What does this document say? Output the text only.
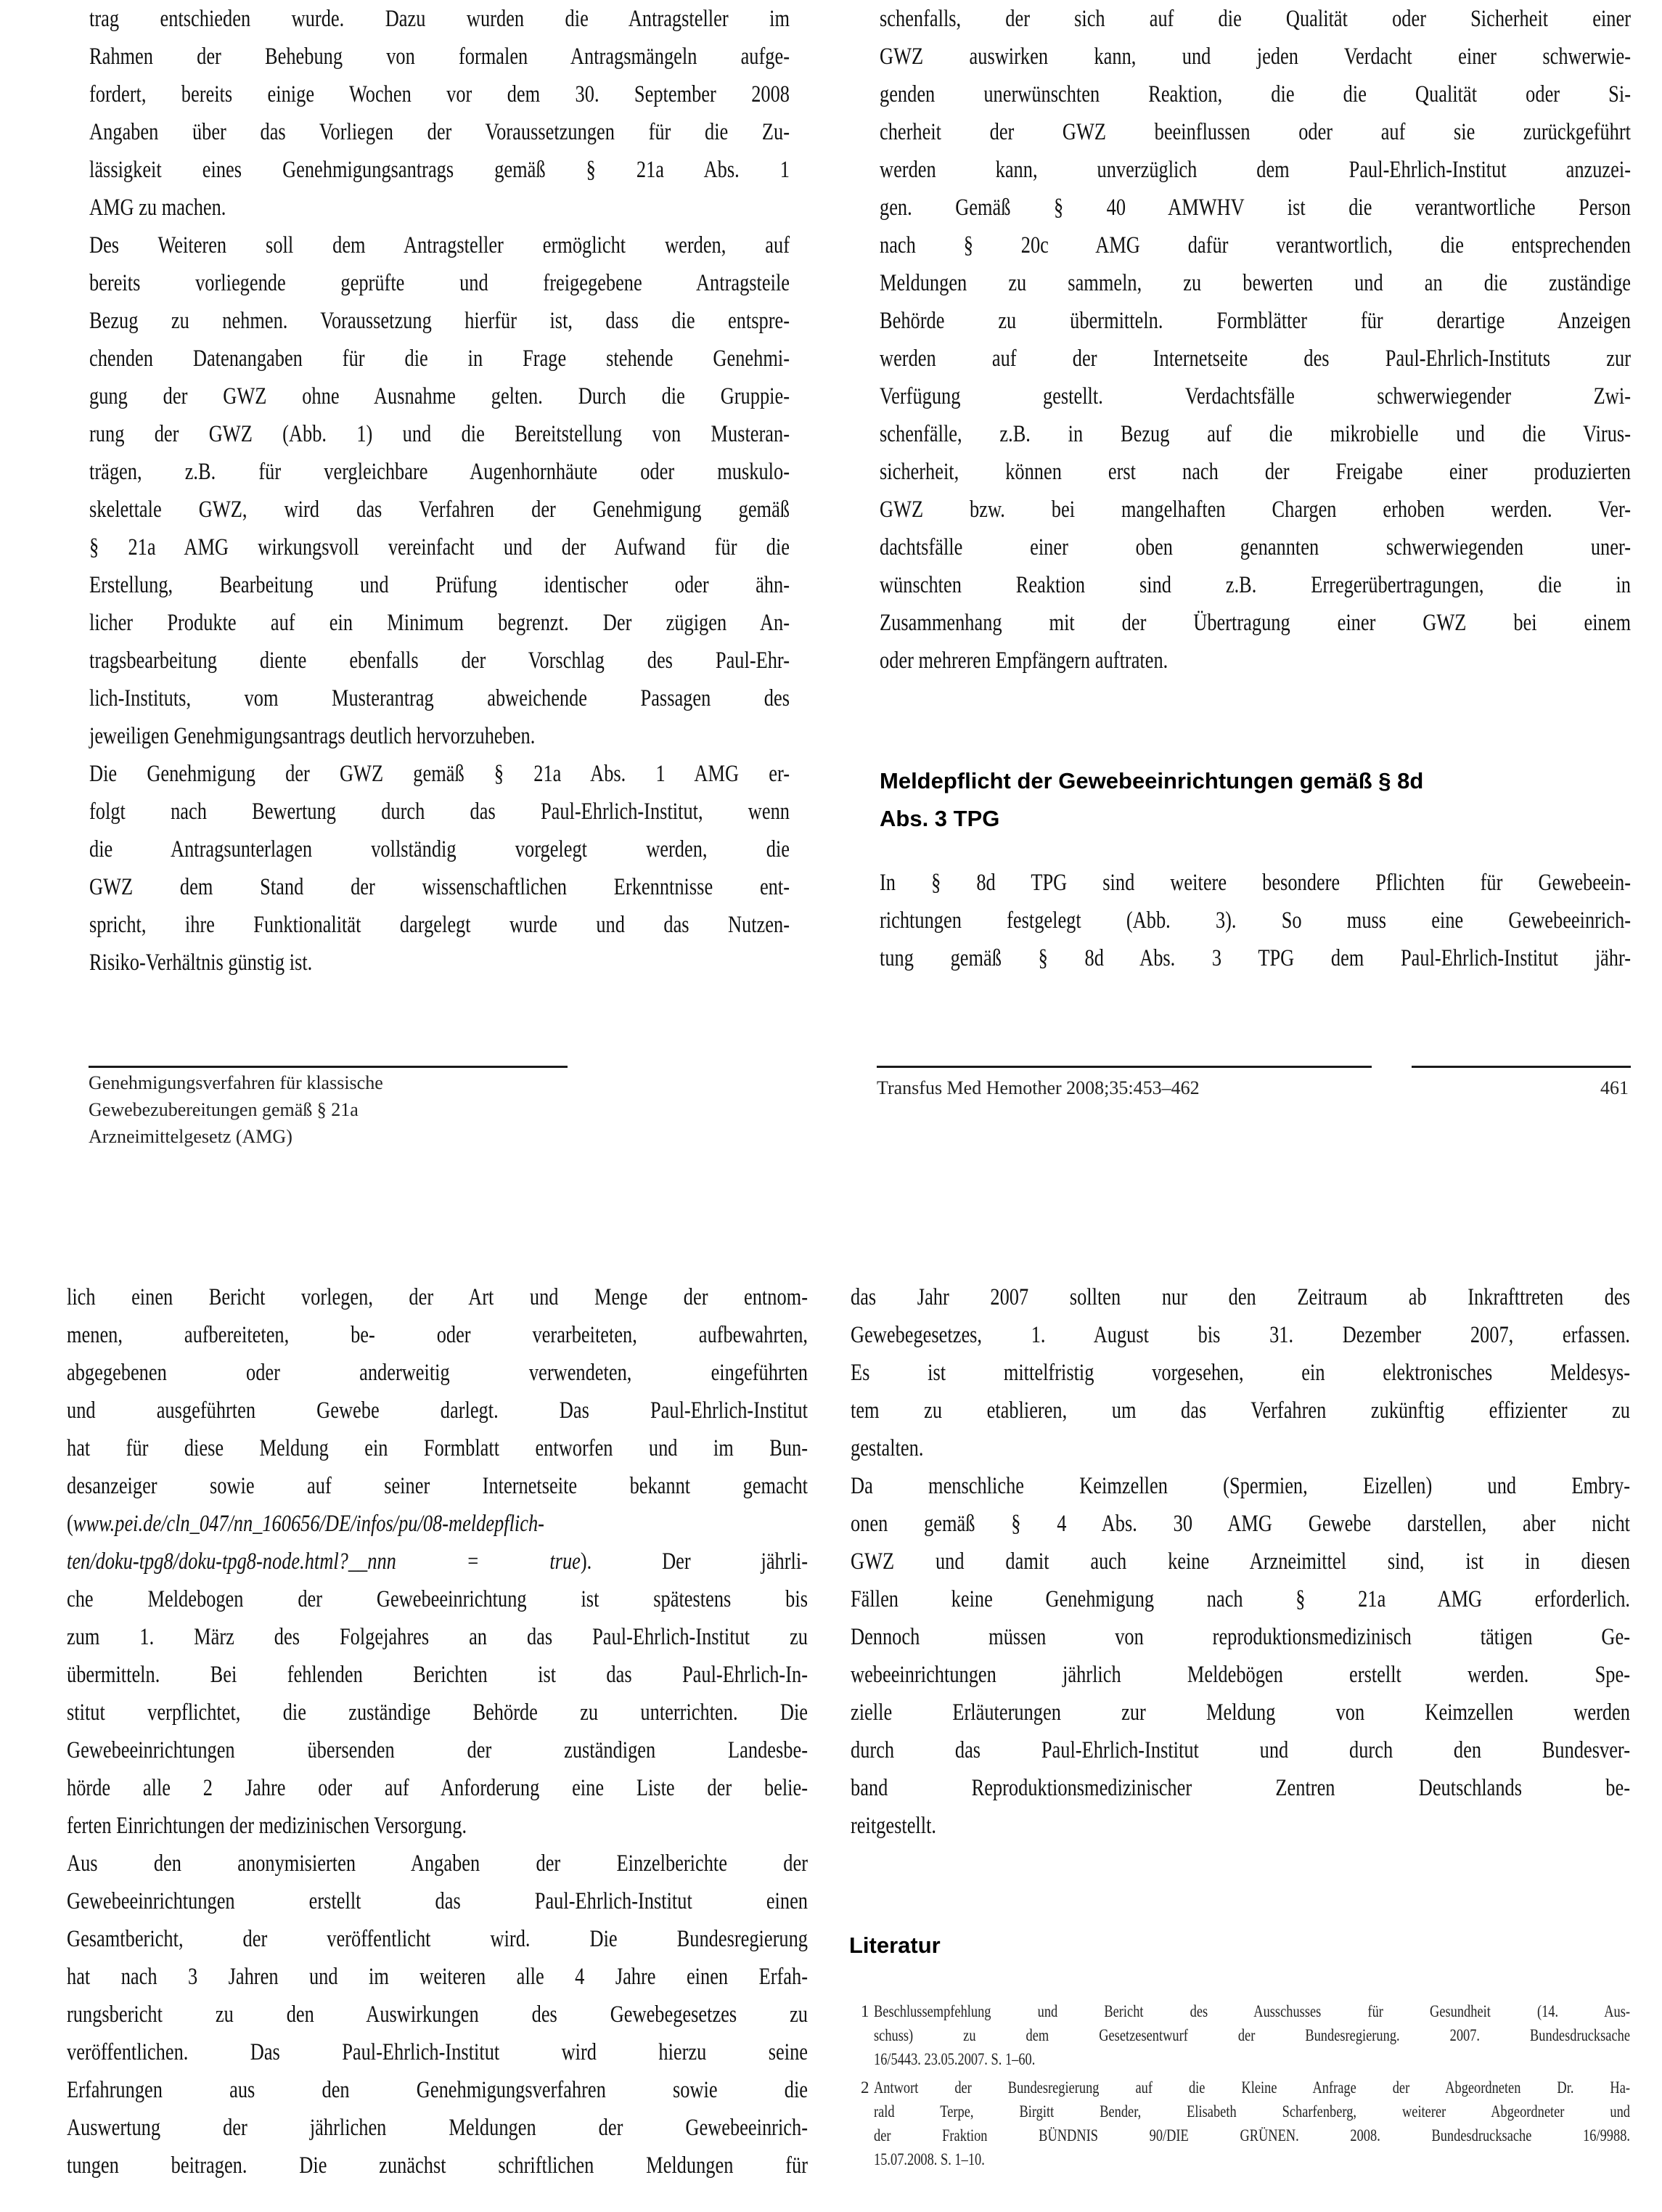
trag entschieden wurde. Dazu wurden die Antragsteller im
Rahmen der Behebung von formalen Antragsmängeln aufge-
fordert, bereits einige Wochen vor dem 30. September 2008
Angaben über das Vorliegen der Voraussetzungen für die Zu-
lässigkeit eines Genehmigungsantrags gemäß § 21a Abs. 1
AMG zu machen.
Des Weiteren soll dem Antragsteller ermöglicht werden, auf
bereits vorliegende geprüfte und freigegebene Antragsteile
Bezug zu nehmen. Voraussetzung hierfür ist, dass die entspre-
chenden Datenangaben für die in Frage stehende Genehmi-
gung der GWZ ohne Ausnahme gelten. Durch die Gruppie-
rung der GWZ (Abb. 1) und die Bereitstellung von Musteran-
trägen, z.B. für vergleichbare Augenhornhäute oder muskulo-
skelettale GWZ, wird das Verfahren der Genehmigung gemäß
§ 21a AMG wirkungsvoll vereinfacht und der Aufwand für die
Erstellung, Bearbeitung und Prüfung identischer oder ähn-
licher Produkte auf ein Minimum begrenzt. Der zügigen An-
tragsbearbeitung diente ebenfalls der Vorschlag des Paul-Ehr-
lich-Instituts, vom Musterantrag abweichende Passagen des
jeweiligen Genehmigungsantrags deutlich hervorzuheben.
Die Genehmigung der GWZ gemäß § 21a Abs. 1 AMG er-
folgt nach Bewertung durch das Paul-Ehrlich-Institut, wenn
die Antragsunterlagen vollständig vorgelegt werden, die
GWZ dem Stand der wissenschaftlichen Erkenntnisse ent-
spricht, ihre Funktionalität dargelegt wurde und das Nutzen-
Risiko-Verhältnis günstig ist.
schenfalls, der sich auf die Qualität oder Sicherheit einer
GWZ auswirken kann, und jeden Verdacht einer schwerwie-
genden unerwünschten Reaktion, die die Qualität oder Si-
cherheit der GWZ beeinflussen oder auf sie zurückgeführt
werden kann, unverzüglich dem Paul-Ehrlich-Institut anzuzei-
gen. Gemäß § 40 AMWHV ist die verantwortliche Person
nach § 20c AMG dafür verantwortlich, die entsprechenden
Meldungen zu sammeln, zu bewerten und an die zuständige
Behörde zu übermitteln. Formblätter für derartige Anzeigen
werden auf der Internetseite des Paul-Ehrlich-Instituts zur
Verfügung gestellt. Verdachtsfälle schwerwiegender Zwi-
schenfälle, z.B. in Bezug auf die mikrobielle und die Virus-
sicherheit, können erst nach der Freigabe einer produzierten
GWZ bzw. bei mangelhaften Chargen erhoben werden. Ver-
dachtsfälle einer oben genannten schwerwiegenden uner-
wünschten Reaktion sind z.B. Erregerübertragungen, die in
Zusammenhang mit der Übertragung einer GWZ bei einem
oder mehreren Empfängern auftraten.
Meldepflicht der Gewebeeinrichtungen gemäß § 8d
Abs. 3 TPG
In § 8d TPG sind weitere besondere Pflichten für Gewebeein-
richtungen festgelegt (Abb. 3). So muss eine Gewebeeinrich-
tung gemäß § 8d Abs. 3 TPG dem Paul-Ehrlich-Institut jähr-
Genehmigungsverfahren für klassische
Gewebezubereitungen gemäß § 21a
Arzneimittelgesetz (AMG)
Transfus Med Hemother 2008;35:453–462	461
lich einen Bericht vorlegen, der Art und Menge der entnom-
menen, aufbereiteten, be- oder verarbeiteten, aufbewahrten,
abgegebenen oder anderweitig verwendeten, eingeführten
und ausgeführten Gewebe darlegt. Das Paul-Ehrlich-Institut
hat für diese Meldung ein Formblatt entworfen und im Bun-
desanzeiger sowie auf seiner Internetseite bekannt gemacht
(www.pei.de/cln_047/nn_160656/DE/infos/pu/08-meldepflich-
ten/doku-tpg8/doku-tpg8-node.html?__nnn = true). Der jährli-
che Meldebogen der Gewebeeinrichtung ist spätestens bis
zum 1. März des Folgejahres an das Paul-Ehrlich-Institut zu
übermitteln. Bei fehlenden Berichten ist das Paul-Ehrlich-In-
stitut verpflichtet, die zuständige Behörde zu unterrichten. Die
Gewebeeinrichtungen übersenden der zuständigen Landesbe-
hörde alle 2 Jahre oder auf Anforderung eine Liste der belie-
ferten Einrichtungen der medizinischen Versorgung.
Aus den anonymisierten Angaben der Einzelberichte der
Gewebeeinrichtungen erstellt das Paul-Ehrlich-Institut einen
Gesamtbericht, der veröffentlicht wird. Die Bundesregierung
hat nach 3 Jahren und im weiteren alle 4 Jahre einen Erfah-
rungsbericht zu den Auswirkungen des Gewebegesetzes zu
veröffentlichen. Das Paul-Ehrlich-Institut wird hierzu seine
Erfahrungen aus den Genehmigungsverfahren sowie die
Auswertung der jährlichen Meldungen der Gewebeeinrich-
tungen beitragen. Die zunächst schriftlichen Meldungen für
das Jahr 2007 sollten nur den Zeitraum ab Inkrafttreten des
Gewebegesetzes, 1. August bis 31. Dezember 2007, erfassen.
Es ist mittelfristig vorgesehen, ein elektronisches Meldesys-
tem zu etablieren, um das Verfahren zukünftig effizienter zu
gestalten.
Da menschliche Keimzellen (Spermien, Eizellen) und Embry-
onen gemäß § 4 Abs. 30 AMG Gewebe darstellen, aber nicht
GWZ und damit auch keine Arzneimittel sind, ist in diesen
Fällen keine Genehmigung nach § 21a AMG erforderlich.
Dennoch müssen von reproduktionsmedizinisch tätigen Ge-
webeeinrichtungen jährlich Meldebögen erstellt werden. Spe-
zielle Erläuterungen zur Meldung von Keimzellen werden
durch das Paul-Ehrlich-Institut und durch den Bundesver-
band Reproduktionsmedizinischer Zentren Deutschlands be-
reitgestellt.
Literatur
1 Beschlussempfehlung und Bericht des Ausschusses für Gesundheit (14. Aus-
schuss) zu dem Gesetzesentwurf der Bundesregierung. 2007. Bundesdrucksache
16/5443. 23.05.2007. S. 1–60.
2 Antwort der Bundesregierung auf die Kleine Anfrage der Abgeordneten Dr. Ha-
rald Terpe, Birgitt Bender, Elisabeth Scharfenberg, weiterer Abgeordneter und
der Fraktion BÜNDNIS 90/DIE GRÜNEN. 2008. Bundesdrucksache 16/9988.
15.07.2008. S. 1–10.
